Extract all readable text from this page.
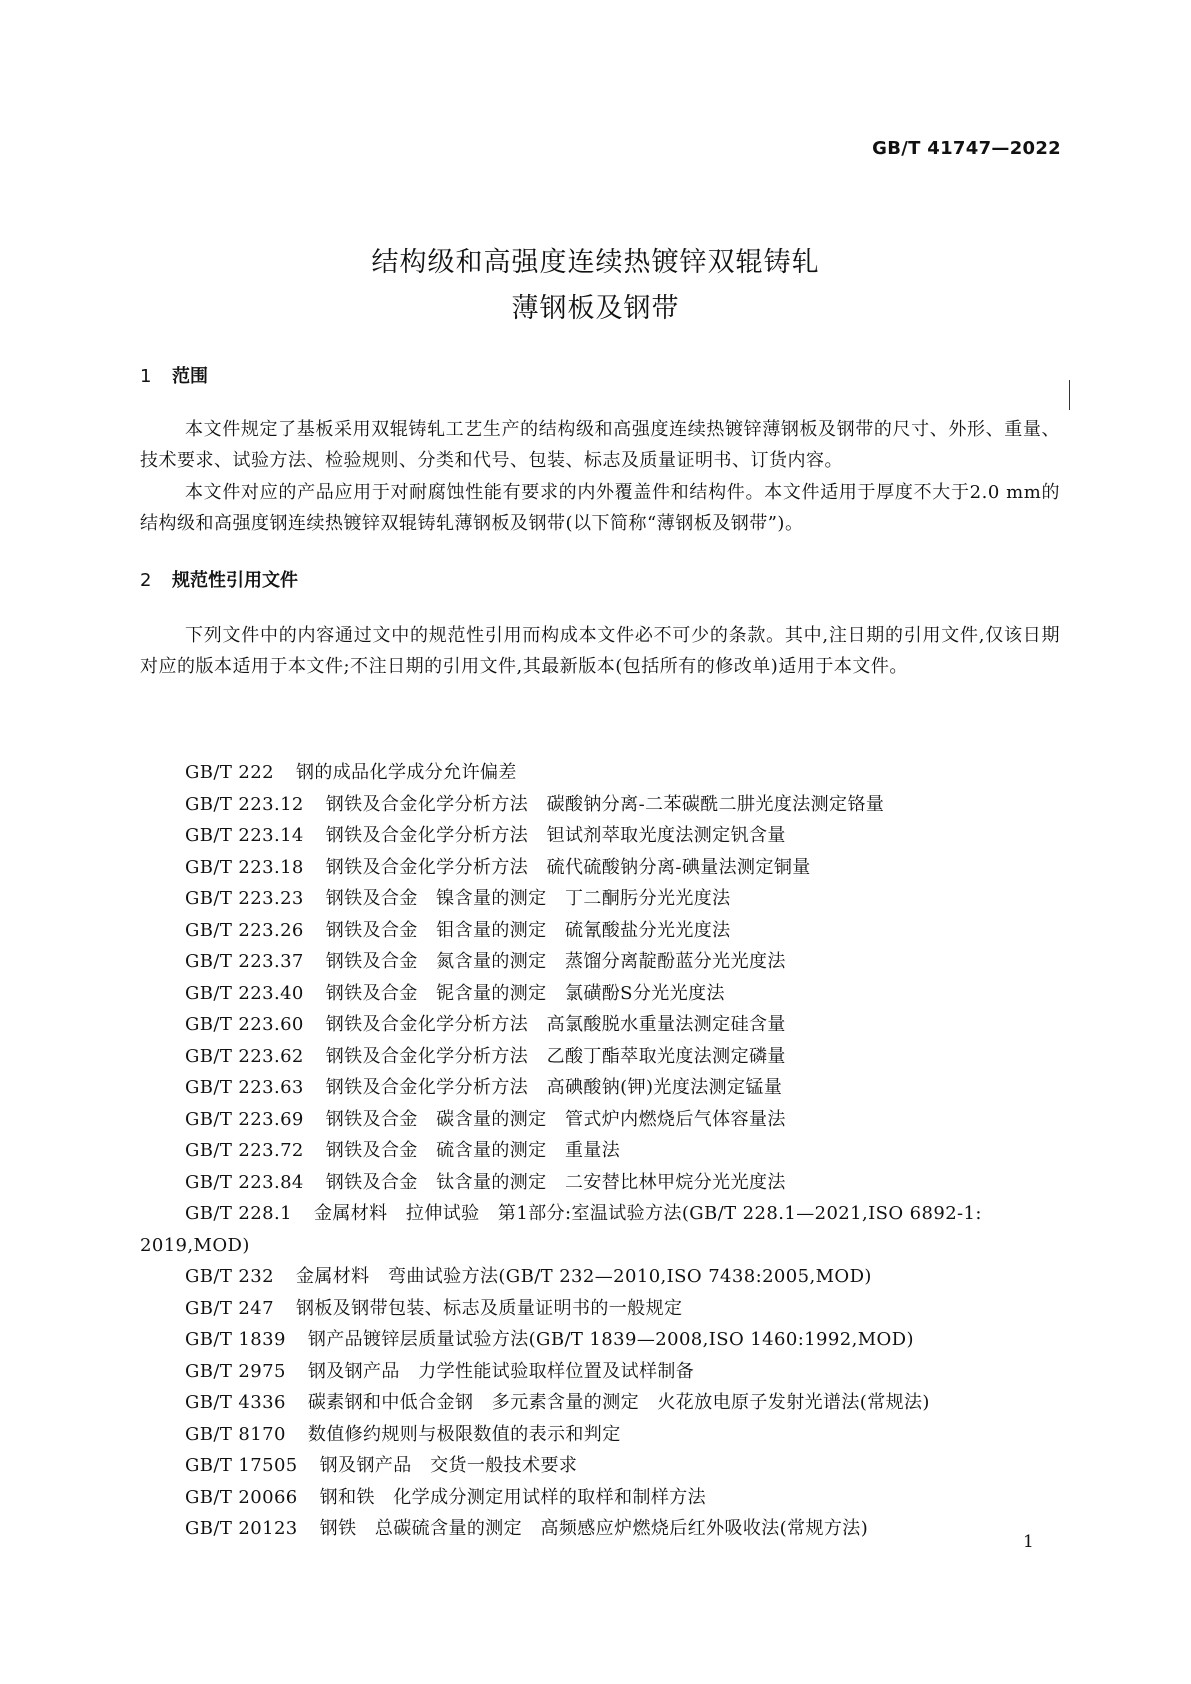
GB/T 41747—2022
结构级和高强度连续热镀锌双辊铸轧
薄钢板及钢带
1 范围
本文件规定了基板采用双辊铸轧工艺生产的结构级和高强度连续热镀锌薄钢板及钢带的尺寸、外形、重量、技术要求、试验方法、检验规则、分类和代号、包装、标志及质量证明书、订货内容。
本文件对应的产品应用于对耐腐蚀性能有要求的内外覆盖件和结构件。本文件适用于厚度不大于2.0 mm的结构级和高强度钢连续热镀锌双辊铸轧薄钢板及钢带(以下简称“薄钢板及钢带”)。
2 规范性引用文件
下列文件中的内容通过文中的规范性引用而构成本文件必不可少的条款。其中,注日期的引用文件,仅该日期对应的版本适用于本文件;不注日期的引用文件,其最新版本(包括所有的修改单)适用于本文件。
GB/T 222 钢的成品化学成分允许偏差
GB/T 223.12 钢铁及合金化学分析方法　碳酸钠分离-二苯碳酰二肼光度法测定铬量
GB/T 223.14 钢铁及合金化学分析方法　钽试剂萃取光度法测定钒含量
GB/T 223.18 钢铁及合金化学分析方法　硫代硫酸钠分离-碘量法测定铜量
GB/T 223.23 钢铁及合金　镍含量的测定　丁二酮肟分光光度法
GB/T 223.26 钢铁及合金　钼含量的测定　硫氰酸盐分光光度法
GB/T 223.37 钢铁及合金　氮含量的测定　蒸馏分离靛酚蓝分光光度法
GB/T 223.40 钢铁及合金　铌含量的测定　氯磺酚S分光光度法
GB/T 223.60 钢铁及合金化学分析方法　高氯酸脱水重量法测定硅含量
GB/T 223.62 钢铁及合金化学分析方法　乙酸丁酯萃取光度法测定磷量
GB/T 223.63 钢铁及合金化学分析方法　高碘酸钠(钾)光度法测定锰量
GB/T 223.69 钢铁及合金　碳含量的测定　管式炉内燃烧后气体容量法
GB/T 223.72 钢铁及合金　硫含量的测定　重量法
GB/T 223.84 钢铁及合金　钛含量的测定　二安替比林甲烷分光光度法
GB/T 228.1 金属材料　拉伸试验　第1部分:室温试验方法(GB/T 228.1—2021,ISO 6892-1:
2019,MOD)
GB/T 232 金属材料　弯曲试验方法(GB/T 232—2010,ISO 7438:2005,MOD)
GB/T 247 钢板及钢带包装、标志及质量证明书的一般规定
GB/T 1839 钢产品镀锌层质量试验方法(GB/T 1839—2008,ISO 1460:1992,MOD)
GB/T 2975 钢及钢产品　力学性能试验取样位置及试样制备
GB/T 4336 碳素钢和中低合金钢　多元素含量的测定　火花放电原子发射光谱法(常规法)
GB/T 8170 数值修约规则与极限数值的表示和判定
GB/T 17505 钢及钢产品　交货一般技术要求
GB/T 20066 钢和铁　化学成分测定用试样的取样和制样方法
GB/T 20123 钢铁　总碳硫含量的测定　高频感应炉燃烧后红外吸收法(常规方法)
1
